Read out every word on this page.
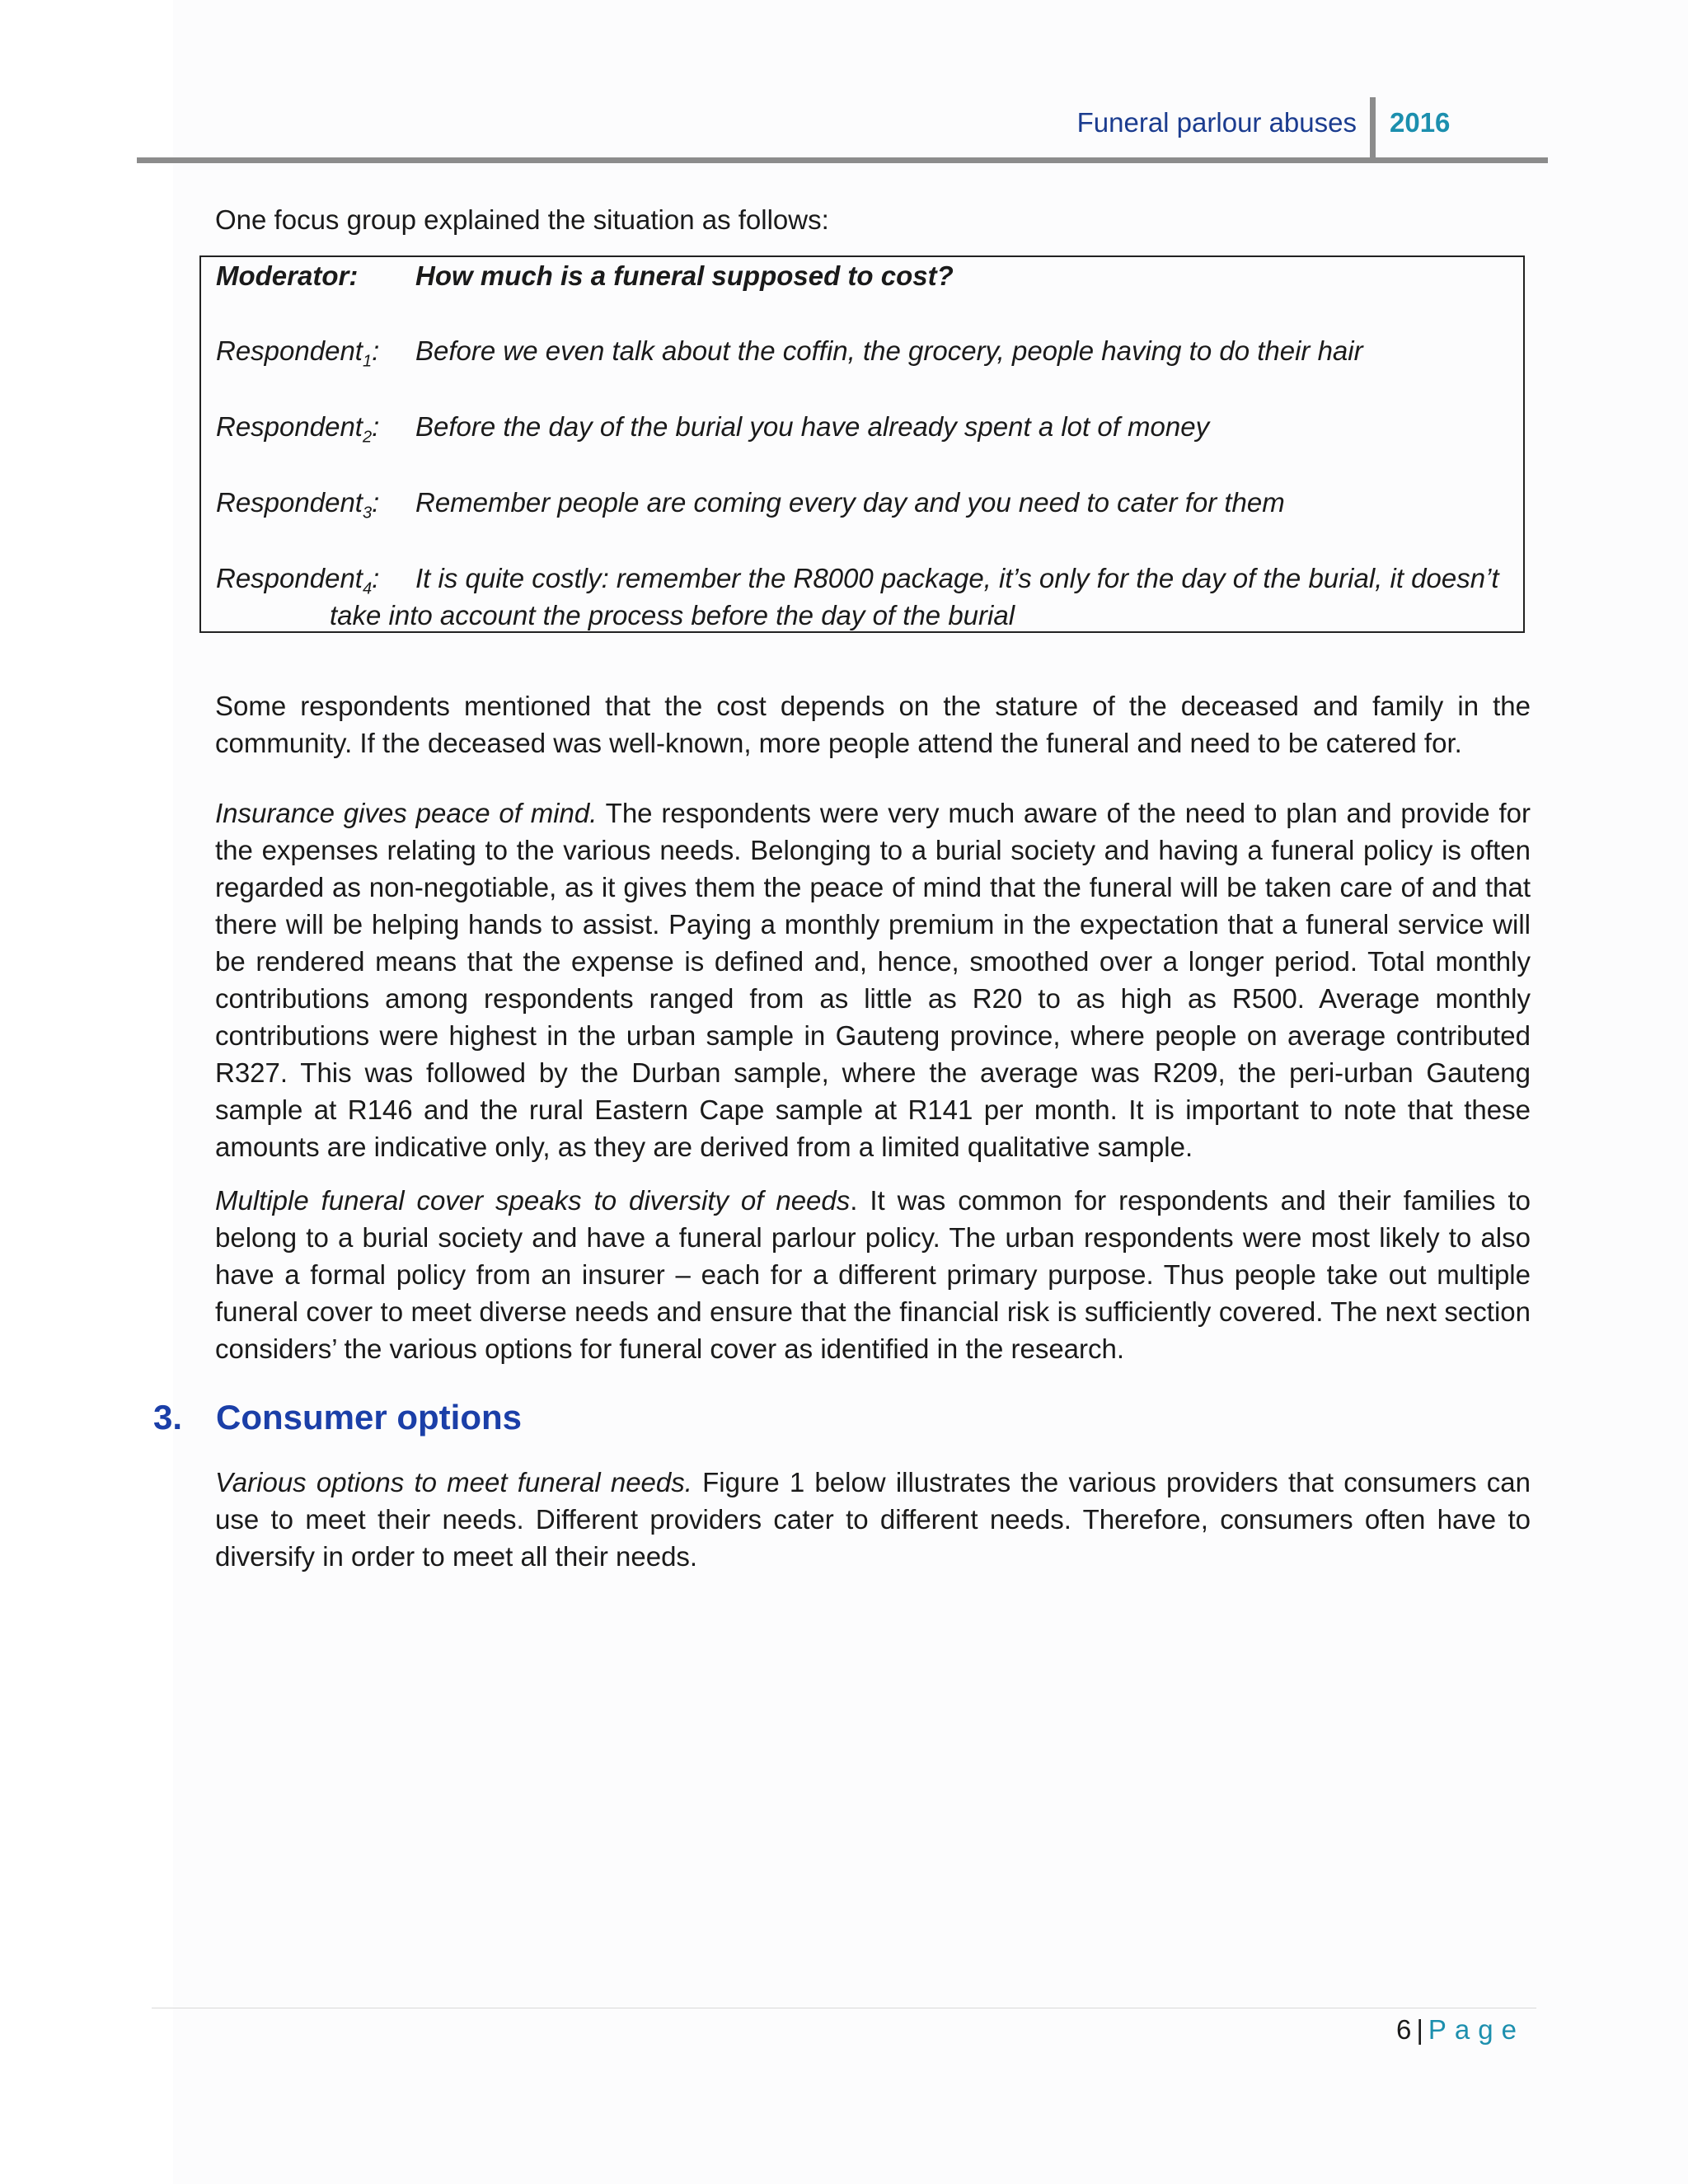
Funeral parlour abuses 2016

One focus group explained the situation as follows:

Moderator: How much is a funeral supposed to cost?
Respondent$_1$: Before we even talk about the coffin, the grocery, people having to do their hair
Respondent$_2$: Before the day of the burial you have already spent a lot of money
Respondent$_3$: Remember people are coming every day and you need to cater for them
Respondent$_4$: It is quite costly: remember the R8000 package, it’s only for the day of the burial, it doesn’t
take into account the process before the day of the burial

Some respondents mentioned that the cost depends on the stature of the deceased and family in the community. If the deceased was well-known, more people attend the funeral and need to be catered for.

Insurance gives peace of mind. The respondents were very much aware of the need to plan and provide for the expenses relating to the various needs. Belonging to a burial society and having a funeral policy is often regarded as non-negotiable, as it gives them the peace of mind that the funeral will be taken care of and that there will be helping hands to assist. Paying a monthly premium in the expectation that a funeral service will be rendered means that the expense is defined and, hence, smoothed over a longer period. Total monthly contributions among respondents ranged from as little as R20 to as high as R500. Average monthly contributions were highest in the urban sample in Gauteng province, where people on average contributed R327. This was followed by the Durban sample, where the average was R209, the peri-urban Gauteng sample at R146 and the rural Eastern Cape sample at R141 per month. It is important to note that these amounts are indicative only, as they are derived from a limited qualitative sample.

Multiple funeral cover speaks to diversity of needs. It was common for respondents and their families to belong to a burial society and have a funeral parlour policy. The urban respondents were most likely to also have a formal policy from an insurer – each for a different primary purpose. Thus people take out multiple funeral cover to meet diverse needs and ensure that the financial risk is sufficiently covered. The next section considers’ the various options for funeral cover as identified in the research.

3. Consumer options

Various options to meet funeral needs. Figure 1 below illustrates the various providers that consumers can use to meet their needs. Different providers cater to different needs. Therefore, consumers often have to diversify in order to meet all their needs.

6 | Page
